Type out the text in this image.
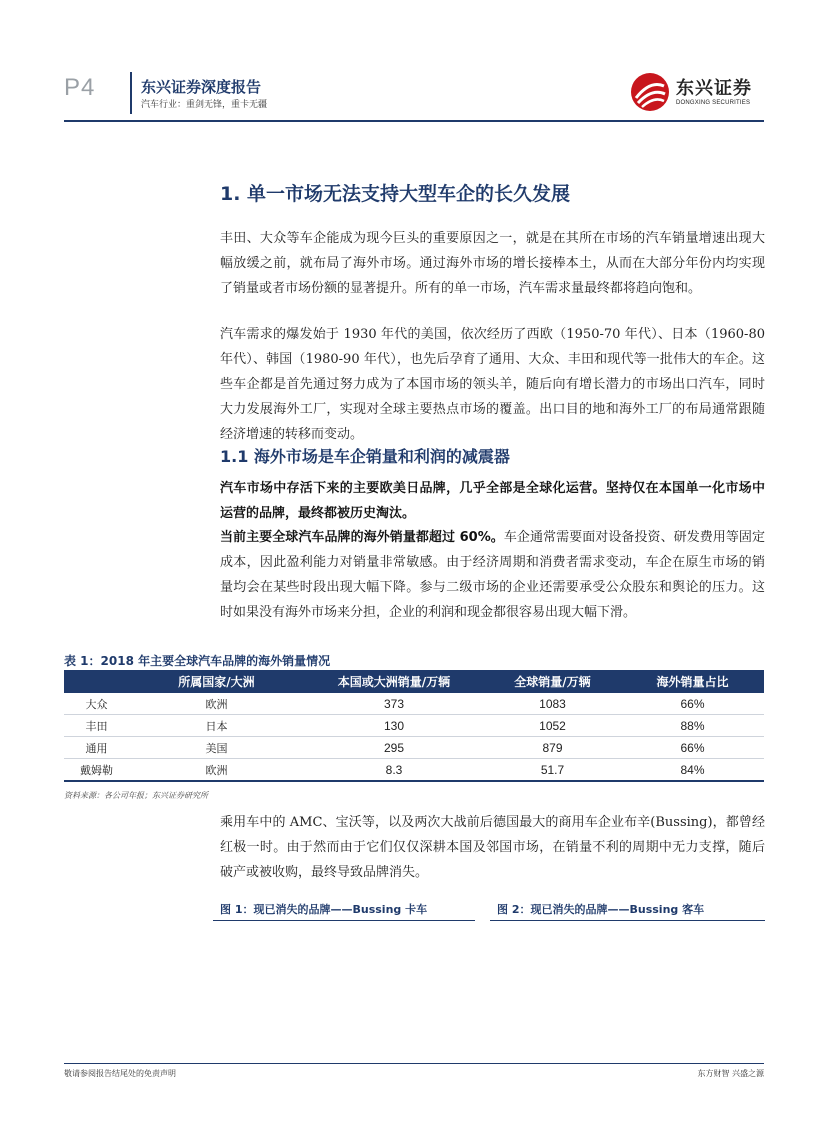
P4	东兴证券深度报告
汽车行业：重剑无锋，重卡无疆
东兴证券
DONGXING SECURITIES
1. 单一市场无法支持大型车企的长久发展
丰田、大众等车企能成为现今巨头的重要原因之一，就是在其所在市场的汽车销量增速出现大幅放缓之前，就布局了海外市场。通过海外市场的增长接棒本土，从而在大部分年份内均实现了销量或者市场份额的显著提升。所有的单一市场，汽车需求量最终都将趋向饱和。
汽车需求的爆发始于 1930 年代的美国，依次经历了西欧（1950-70 年代）、日本（1960-80 年代）、韩国（1980-90 年代），也先后孕育了通用、大众、丰田和现代等一批伟大的车企。这些车企都是首先通过努力成为了本国市场的领头羊，随后向有增长潜力的市场出口汽车，同时大力发展海外工厂，实现对全球主要热点市场的覆盖。出口目的地和海外工厂的布局通常跟随经济增速的转移而变动。
1.1 海外市场是车企销量和利润的减震器
汽车市场中存活下来的主要欧美日品牌，几乎全部是全球化运营。坚持仅在本国单一化市场中运营的品牌，最终都被历史淘汰。
当前主要全球汽车品牌的海外销量都超过 60%。车企通常需要面对设备投资、研发费用等固定成本，因此盈利能力对销量非常敏感。由于经济周期和消费者需求变动，车企在原生市场的销量均会在某些时段出现大幅下降。参与二级市场的企业还需要承受公众股东和舆论的压力。这时如果没有海外市场来分担，企业的利润和现金都很容易出现大幅下滑。
表 1：2018 年主要全球汽车品牌的海外销量情况
	所属国家/大洲	本国或大洲销量/万辆	全球销量/万辆	海外销量占比
大众	欧洲	373	1083	66%
丰田	日本	130	1052	88%
通用	美国	295	879	66%
戴姆勒	欧洲	8.3	51.7	84%
资料来源：各公司年报；东兴证券研究所
乘用车中的 AMC、宝沃等，以及两次大战前后德国最大的商用车企业布辛(Bussing)，都曾经红极一时。由于然而由于它们仅仅深耕本国及邻国市场，在销量不利的周期中无力支撑，随后破产或被收购，最终导致品牌消失。
图 1：现已消失的品牌——Bussing 卡车	图 2：现已消失的品牌——Bussing 客车
敬请参阅报告结尾处的免责声明	东方财智 兴盛之源
